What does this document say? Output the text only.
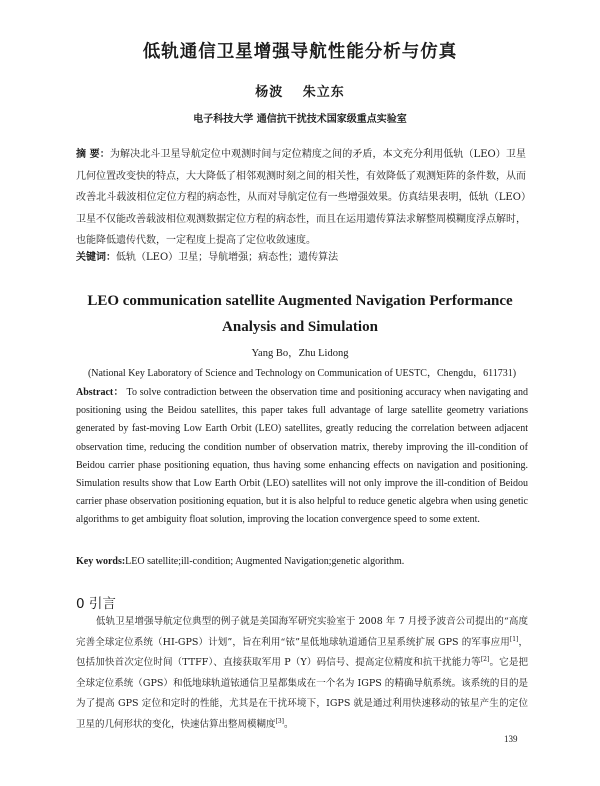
低轨通信卫星增强导航性能分析与仿真
杨波 朱立东
电子科技大学 通信抗干扰技术国家级重点实验室
摘 要：为解决北斗卫星导航定位中观测时间与定位精度之间的矛盾，本文充分利用低轨（LEO）卫星几何位置改变快的特点，大大降低了相邻观测时刻之间的相关性，有效降低了观测矩阵的条件数，从而改善北斗载波相位定位方程的病态性，从而对导航定位有一些增强效果。仿真结果表明，低轨（LEO）卫星不仅能改善载波相位观测数据定位方程的病态性，而且在运用遗传算法求解整周模糊度浮点解时，也能降低遗传代数，一定程度上提高了定位收敛速度。
关键词：低轨（LEO）卫星；导航增强；病态性；遗传算法
LEO communication satellite Augmented Navigation Performance Analysis and Simulation
Yang Bo，Zhu Lidong
(National Key Laboratory of Science and Technology on Communication of UESTC，Chengdu，611731)
Abstract： To solve contradiction between the observation time and positioning accuracy when navigating and positioning using the Beidou satellites, this paper takes full advantage of large satellite geometry variations generated by fast-moving Low Earth Orbit (LEO) satellites, greatly reducing the correlation between adjacent observation time, reducing the condition number of observation matrix, thereby improving the ill-condition of Beidou carrier phase positioning equation, thus having some enhancing effects on navigation and positioning. Simulation results show that Low Earth Orbit (LEO) satellites will not only improve the ill-condition of Beidou carrier phase observation positioning equation, but it is also helpful to reduce genetic algebra when using genetic algorithms to get ambiguity float solution, improving the location convergence speed to some extent.
Key words:LEO satellite;ill-condition; Augmented Navigation;genetic algorithm.
0 引言
低轨卫星增强导航定位典型的例子就是美国海军研究实验室于 2008 年 7 月授予波音公司提出的“高度完善全球定位系统（HI-GPS）计划”，旨在利用“铱”星低地球轨道通信卫星系统扩展 GPS 的军事应用[1]，包括加快首次定位时间（TTFF）、直接获取军用 P（Y）码信号、提高定位精度和抗干扰能力等[2]。它是把全球定位系统（GPS）和低地球轨道铱通信卫星都集成在一个名为 IGPS 的精确导航系统。该系统的目的是为了提高 GPS 定位和定时的性能，尤其是在干扰环境下，IGPS 就是通过利用快速移动的铱星产生的定位卫星的几何形状的变化，快速估算出整周模糊度[3]。
139
